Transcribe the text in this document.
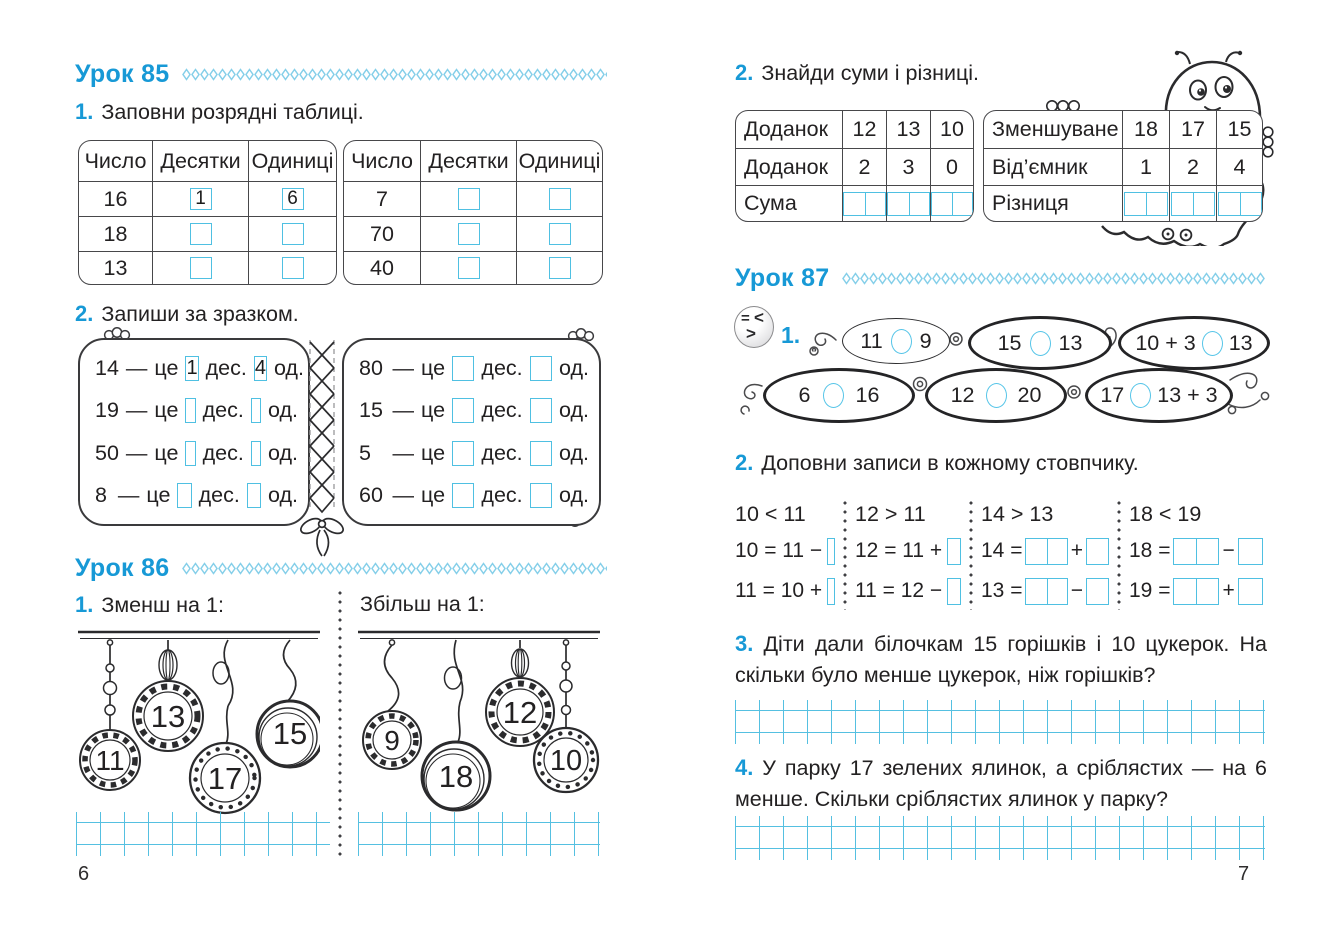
Урок 85
1. Заповни розрядні таблиці.
Число Десятки Одиниці
16	1	6
18
13
Число Десятки Одиниці
7
70
40
2. Запиши за зразком.
14 — це 1 дес. 4 од.
19 — це дес. од.
50 — це дес. од.
8 — це дес. од.
80 — це дес. од.
15 — це дес. од.
5	— це дес. од.
60 — це дес. од.
Урок 86
1. Зменш на 1:	Збільш на 1:
11
13
17
15	9
18
12
10
6
2. Знайди суми і різниці.
Доданок	12 13 10
Доданок	2	3	0
Сума
Зменшуване 18	17	15
Від’ємник	1	2	4
Різниця
Урок 87
= <
> 1.	11 9	15 13 10 + 3 13
6 16	12 20	17 13 + 3
2. Доповни записи в кожному стовпчику.
10 < 11
10 = 11 −
11 = 10 +
12 > 11
12 = 11 +
11 = 12 −
14 > 13
14 = +
13 = −
18 < 19
18 = −
19 = +
3. Діти дали білочкам 15 горішків і 10 цукерок. На скільки було менше цукерок, ніж горішків?
4. У парку 17 зелених ялинок, а сріблястих — на 6 менше. Скільки сріблястих ялинок у парку?
7
